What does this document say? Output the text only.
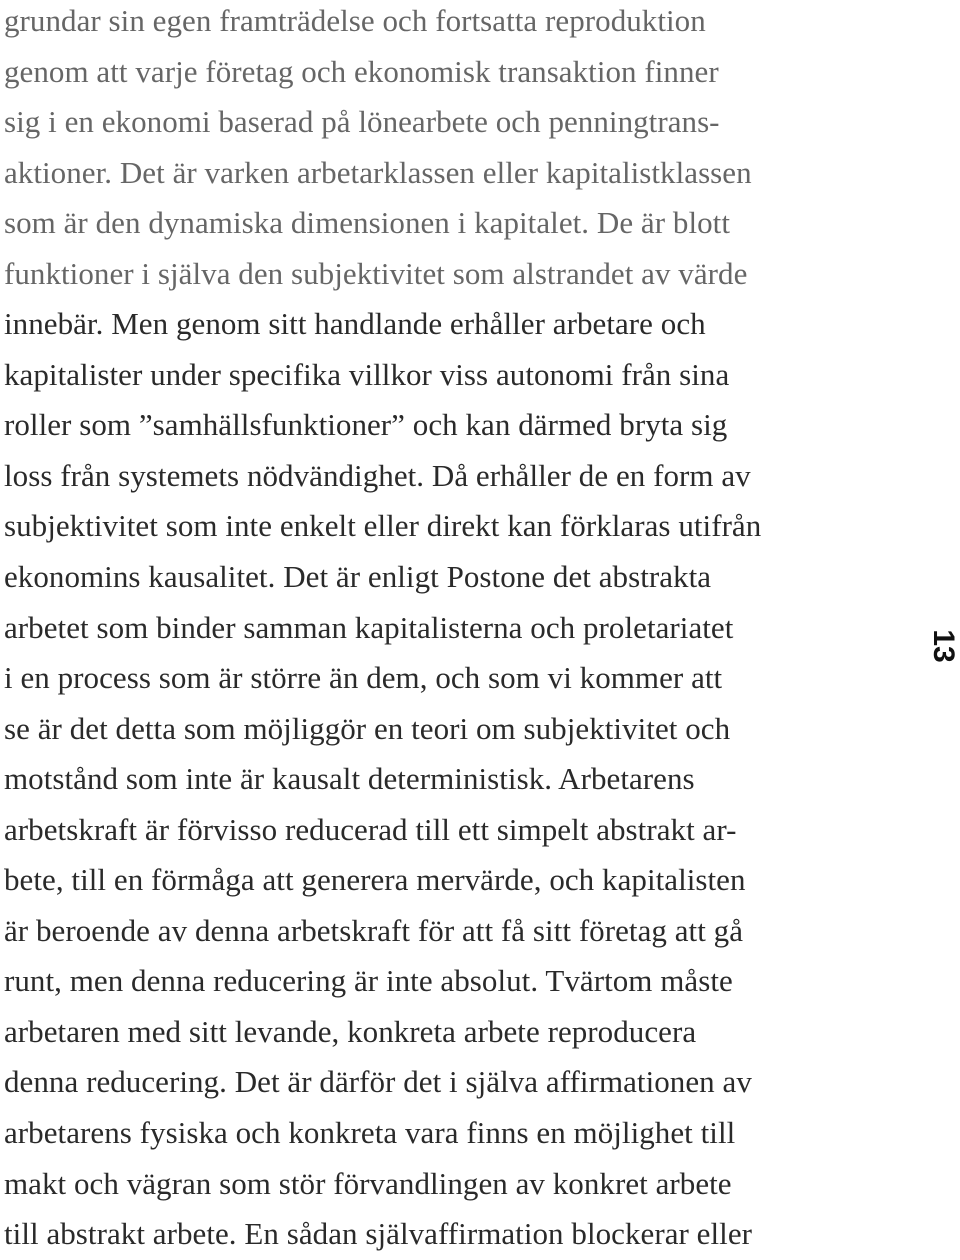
grundar sin egen framträdelse och fortsatta reproduktion
genom att varje företag och ekonomisk transaktion finner
sig i en ekonomi baserad på lönearbete och penningtrans-
aktioner. Det är varken arbetarklassen eller kapitalistklassen
som är den dynamiska dimensionen i kapitalet. De är blott
funktioner i själva den subjektivitet som alstrandet av värde
innebär. Men genom sitt handlande erhåller arbetare och
kapitalister under specifika villkor viss autonomi från sina
roller som ”samhällsfunktioner” och kan därmed bryta sig
loss från systemets nödvändighet. Då erhåller de en form av
subjektivitet som inte enkelt eller direkt kan förklaras utifrån
ekonomins kausalitet. Det är enligt Postone det abstrakta
arbetet som binder samman kapitalisterna och proletariatet
i en process som är större än dem, och som vi kommer att
se är det detta som möjliggör en teori om subjektivitet och
motstånd som inte är kausalt deterministisk. Arbetarens
arbetskraft är förvisso reducerad till ett simpelt abstrakt ar-
bete, till en förmåga att generera mervärde, och kapitalisten
är beroende av denna arbetskraft för att få sitt företag att gå
runt, men denna reducering är inte absolut. Tvärtom måste
arbetaren med sitt levande, konkreta arbete reproducera
denna reducering. Det är därför det i själva affirmationen av
arbetarens fysiska och konkreta vara finns en möjlighet till
makt och vägran som stör förvandlingen av konkret arbete
till abstrakt arbete. En sådan självaffirmation blockerar eller
13
